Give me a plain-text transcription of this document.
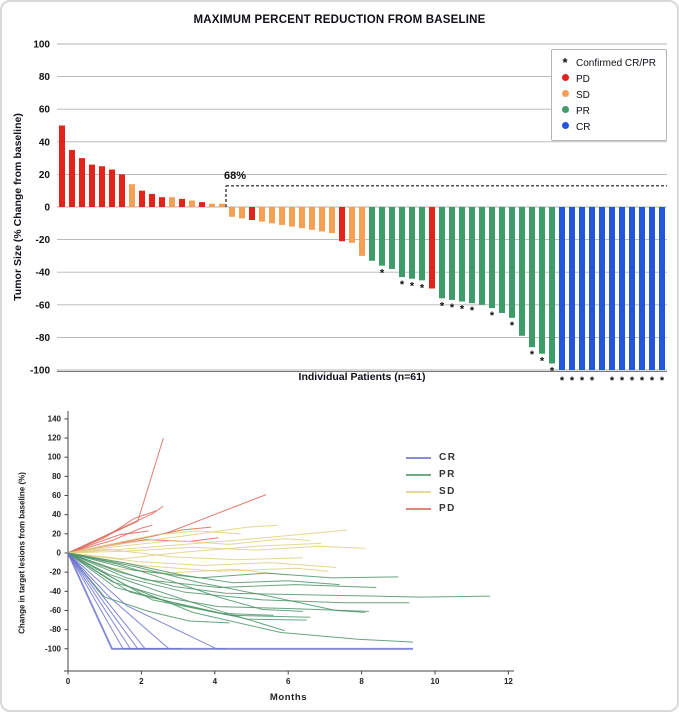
MAXIMUM PERCENT REDUCTION FROM BASELINE
Tumor Size (% Change from baseline)
100
80
60
40
20
0
-20
-40
-60
-80
-100
*
* * *
* * * * *
*
*
*
*
* * * * * * * * * *
68%
Individual Patients (n=61)
* Confirmed CR/PR
PD
SD
PR
CR
Change in target lesions from baseline (%)
140
120
100
80
60
40
20
0
-20
-40
-60
-80
-100
0	2	4	6	8	10	12
Months
CR
PR
SD
PD
